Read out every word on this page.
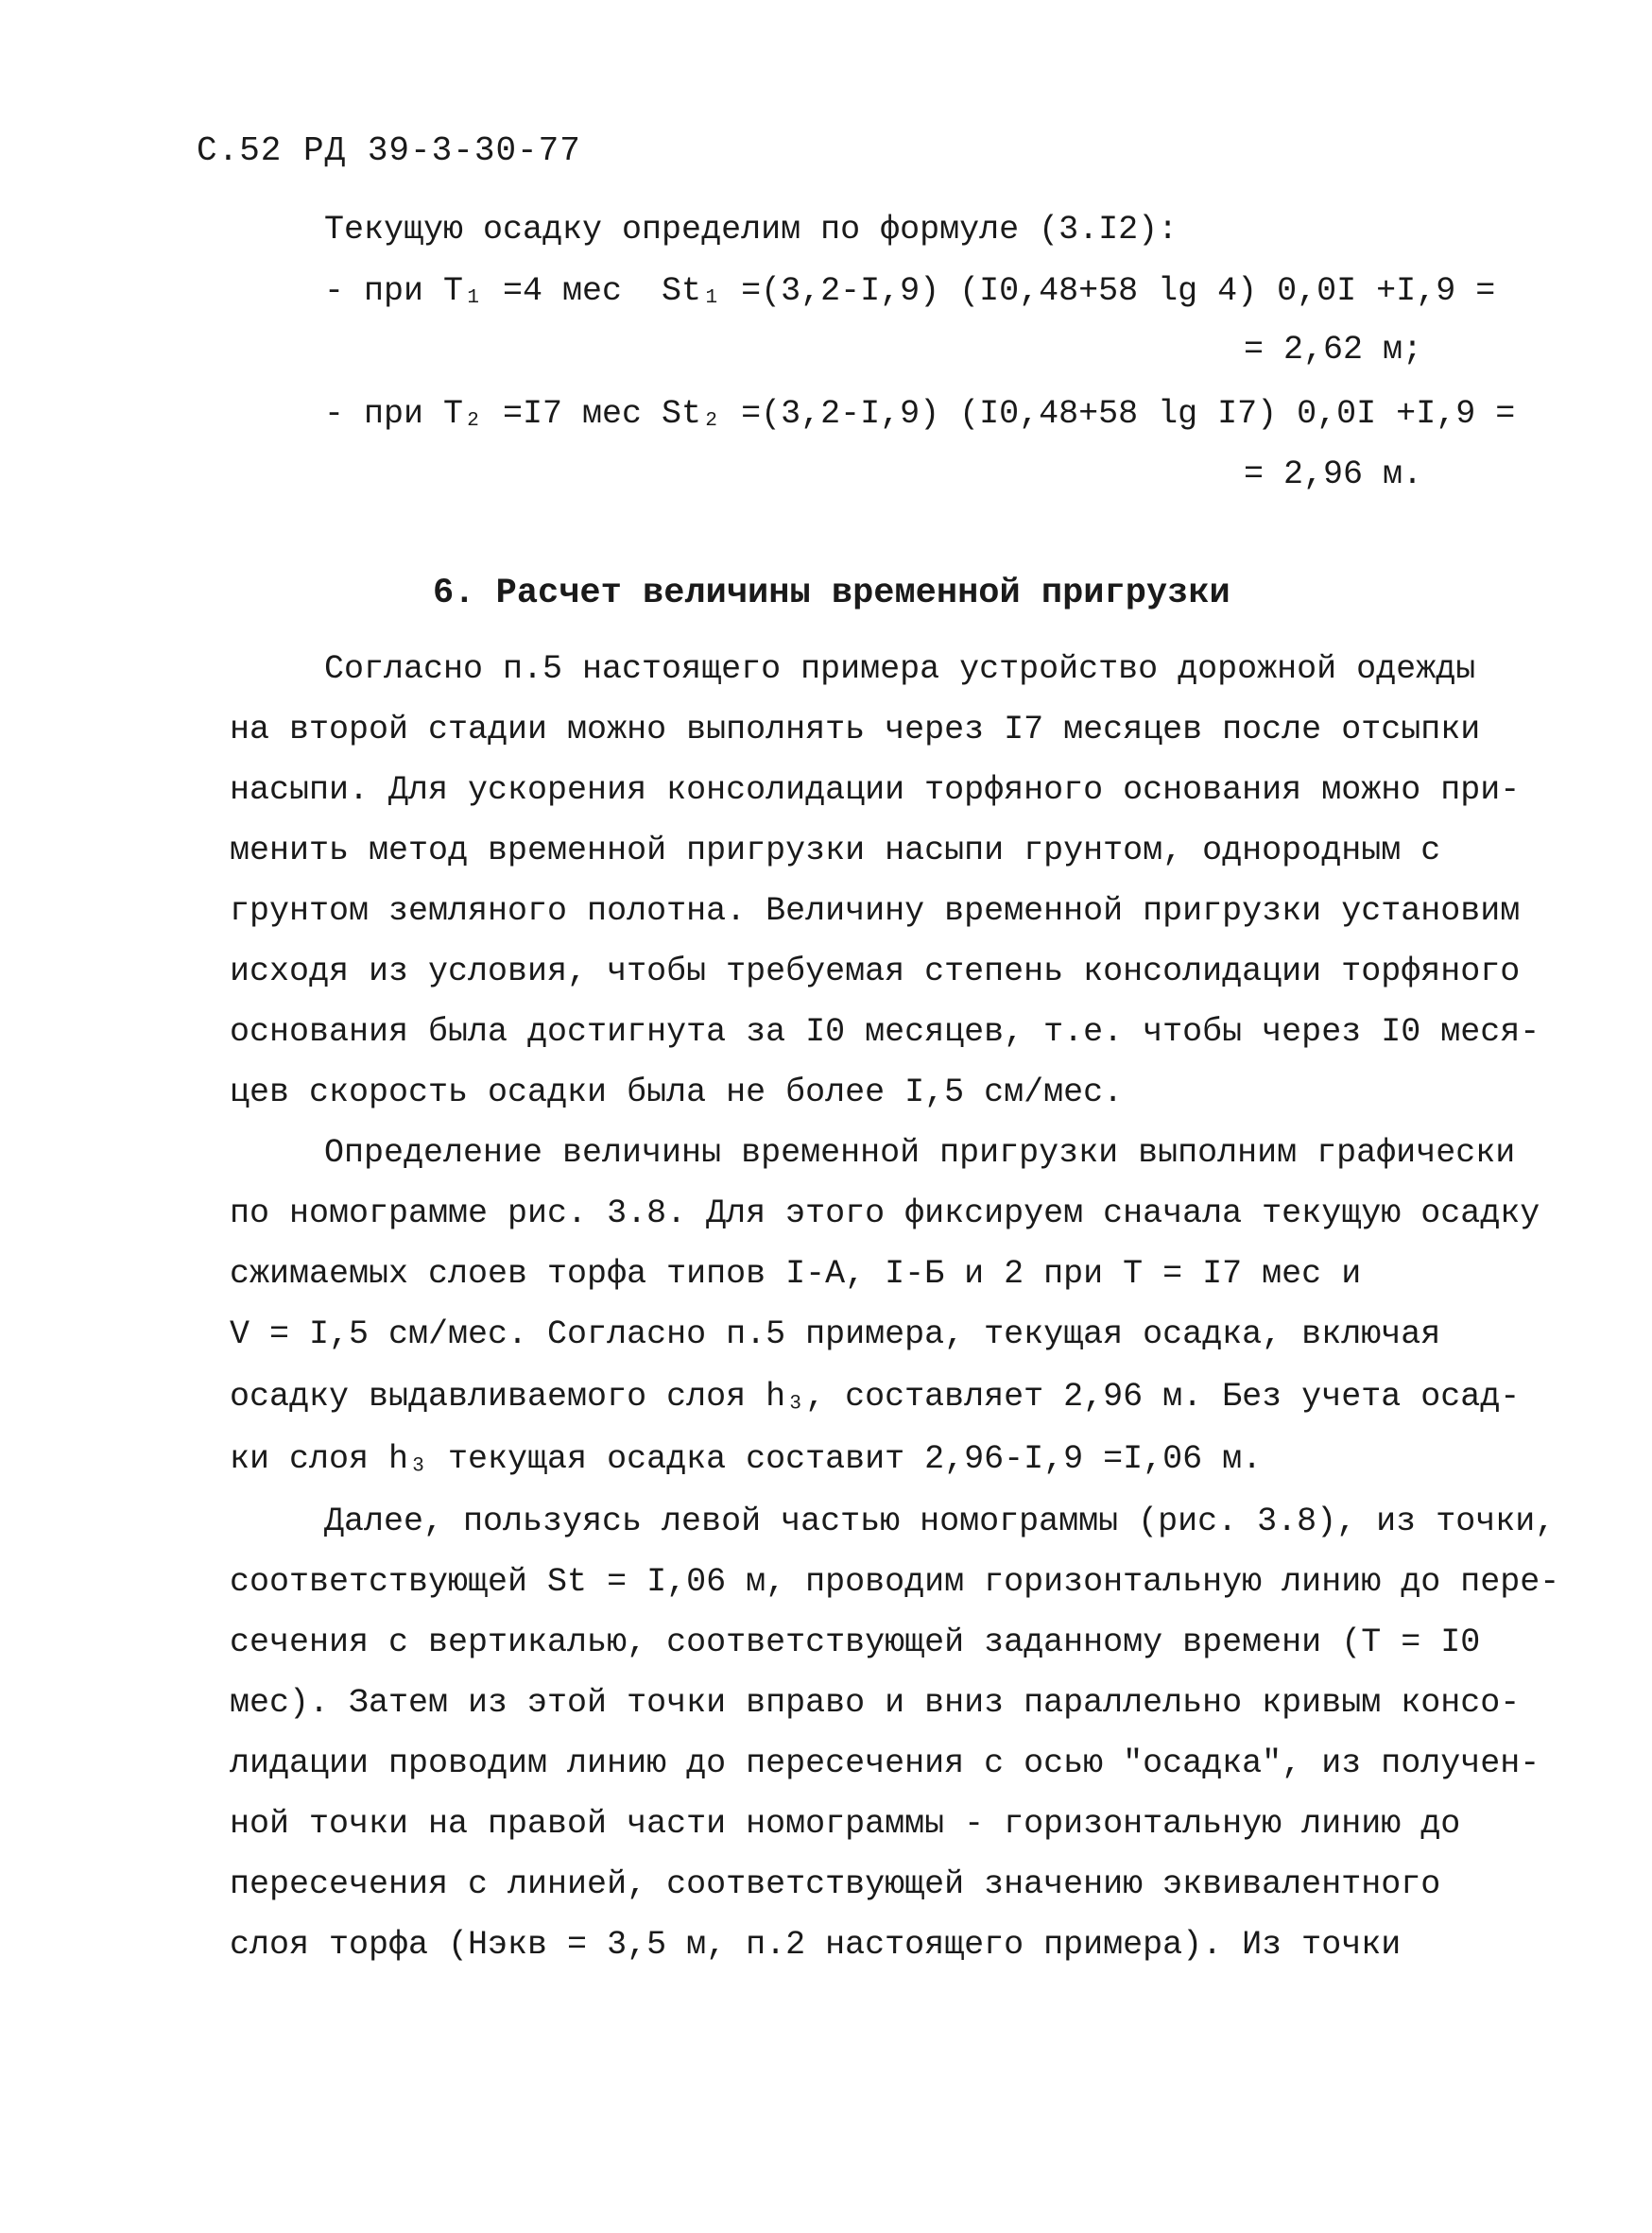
С.52 РД 39-3-30-77
Текущую осадку определим по формуле (3.I2):
- при T₁ =4 мес  St₁ =(3,2-I,9) (I0,48+58 lg 4) 0,0I +I,9 =
= 2,62 м;
- при T₂ =I7 мес St₂ =(3,2-I,9) (I0,48+58 lg I7) 0,0I +I,9 =
= 2,96 м.
6. Расчет величины временной пригрузки
Согласно п.5 настоящего примера устройство дорожной одежды
на второй стадии можно выполнять через I7 месяцев после отсыпки
насыпи. Для ускорения консолидации торфяного основания можно при-
менить метод временной пригрузки насыпи грунтом, однородным с
грунтом земляного полотна. Величину временной пригрузки установим
исходя из условия, чтобы требуемая степень консолидации торфяного
основания была достигнута за I0 месяцев, т.е. чтобы через I0 меся-
цев скорость осадки была не более I,5 см/мес.
Определение величины временной пригрузки выполним графически
по номограмме рис. 3.8. Для этого фиксируем сначала текущую осадку
сжимаемых слоев торфа типов I-А, I-Б и 2 при T = I7 мес и
V = I,5 см/мес. Согласно п.5 примера, текущая осадка, включая
осадку выдавливаемого слоя h₃, составляет 2,96 м. Без учета осад-
ки слоя h₃ текущая осадка составит 2,96-I,9 =I,06 м.
Далее, пользуясь левой частью номограммы (рис. 3.8), из точки,
соответствующей St = I,06 м, проводим горизонтальную линию до пере-
сечения с вертикалью, соответствующей заданному времени (T = I0
мес). Затем из этой точки вправо и вниз параллельно кривым консо-
лидации проводим линию до пересечения с осью "осадка", из получен-
ной точки на правой части номограммы - горизонтальную линию до
пересечения с линией, соответствующей значению эквивалентного
слоя торфа (Hэкв = 3,5 м, п.2 настоящего примера). Из точки
